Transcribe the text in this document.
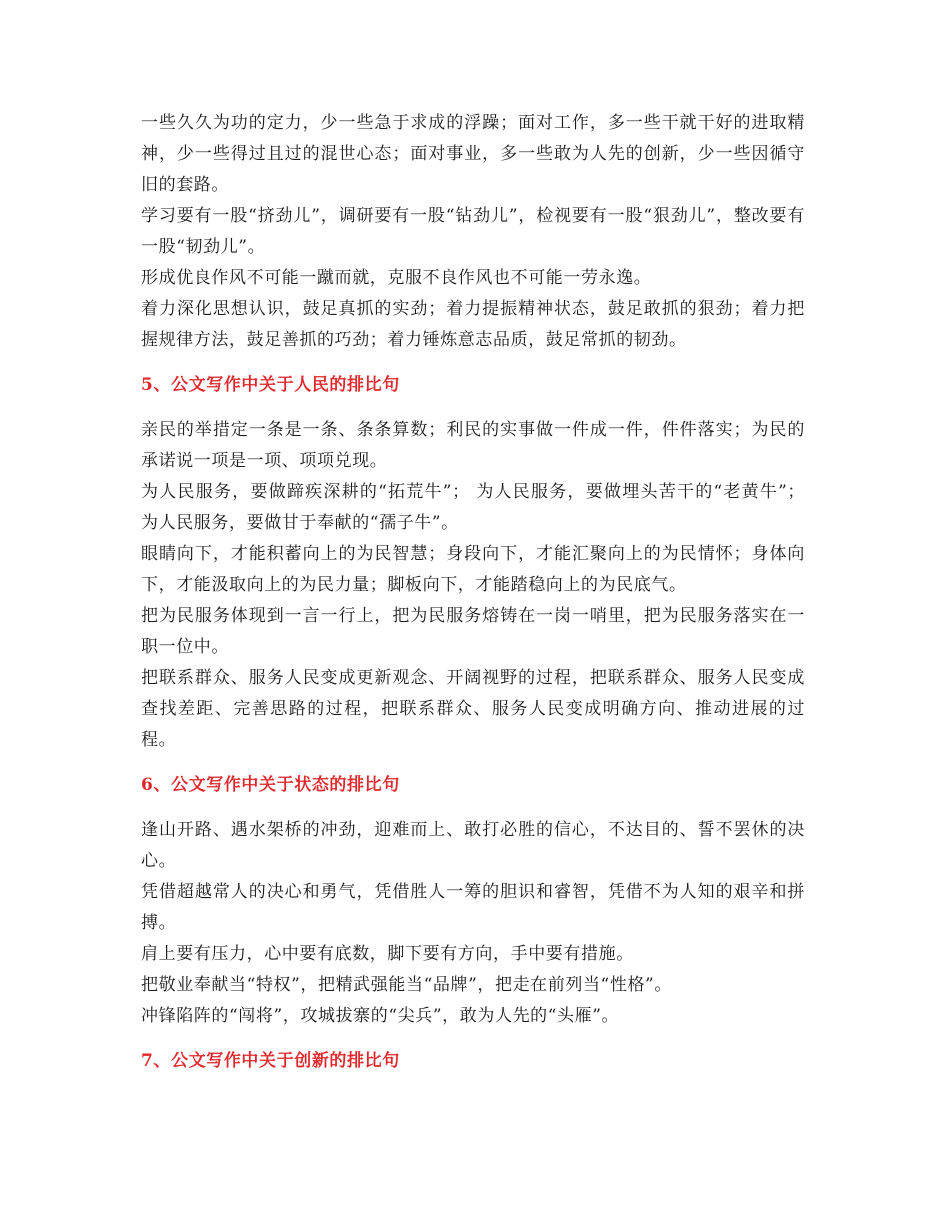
一些久久为功的定力，少一些急于求成的浮躁；面对工作，多一些干就干好的进取精神，少一些得过且过的混世心态；面对事业，多一些敢为人先的创新，少一些因循守旧的套路。

学习要有一股“挤劲儿”，调研要有一股“钻劲儿”，检视要有一股“狠劲儿”，整改要有一股“韧劲儿”。

形成优良作风不可能一蹴而就，克服不良作风也不可能一劳永逸。

着力深化思想认识，鼓足真抓的实劲；着力提振精神状态，鼓足敢抓的狠劲；着力把握规律方法，鼓足善抓的巧劲；着力锤炼意志品质，鼓足常抓的韧劲。

5、公文写作中关于人民的排比句

亲民的举措定一条是一条、条条算数；利民的实事做一件成一件，件件落实；为民的承诺说一项是一项、项项兑现。

为人民服务，要做蹄疾深耕的“拓荒牛”； 为人民服务，要做埋头苦干的“老黄牛”； 为人民服务，要做甘于奉献的“孺子牛”。

眼睛向下，才能积蓄向上的为民智慧；身段向下，才能汇聚向上的为民情怀；身体向下，才能汲取向上的为民力量；脚板向下，才能踏稳向上的为民底气。

把为民服务体现到一言一行上，把为民服务熔铸在一岗一哨里，把为民服务落实在一职一位中。

把联系群众、服务人民变成更新观念、开阔视野的过程，把联系群众、服务人民变成查找差距、完善思路的过程，把联系群众、服务人民变成明确方向、推动进展的过程。

6、公文写作中关于状态的排比句

逢山开路、遇水架桥的冲劲，迎难而上、敢打必胜的信心，不达目的、誓不罢休的决心。

凭借超越常人的决心和勇气，凭借胜人一筹的胆识和睿智，凭借不为人知的艰辛和拼搏。

肩上要有压力，心中要有底数，脚下要有方向，手中要有措施。

把敬业奉献当“特权”，把精武强能当“品牌”，把走在前列当“性格”。

冲锋陷阵的“闯将”，攻城拔寨的“尖兵”，敢为人先的“头雁”。

7、公文写作中关于创新的排比句
